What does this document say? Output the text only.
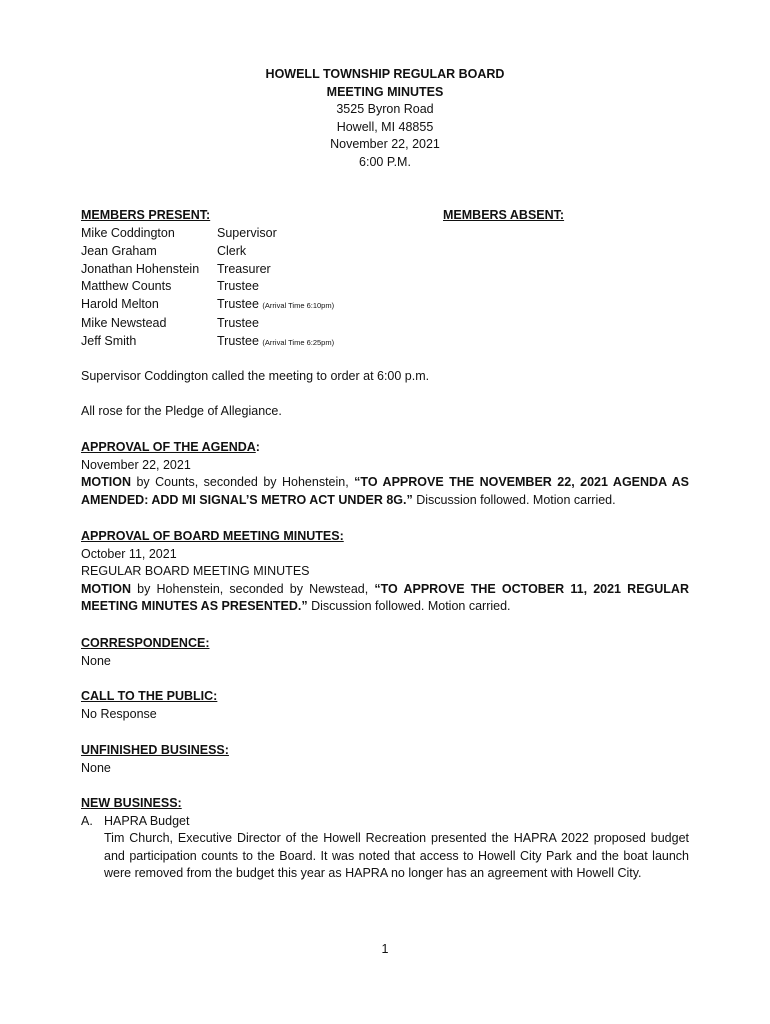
HOWELL TOWNSHIP REGULAR BOARD
MEETING MINUTES
3525 Byron Road
Howell, MI 48855
November 22, 2021
6:00 P.M.
MEMBERS PRESENT:	MEMBERS ABSENT:
Mike Coddington	Supervisor
Jean Graham	Clerk
Jonathan Hohenstein	Treasurer
Matthew Counts	Trustee
Harold Melton	Trustee (Arrival Time 6:10pm)
Mike Newstead	Trustee
Jeff Smith	Trustee (Arrival Time 6:25pm)
Supervisor Coddington called the meeting to order at 6:00 p.m.
All rose for the Pledge of Allegiance.
APPROVAL OF THE AGENDA:
November 22, 2021
MOTION by Counts, seconded by Hohenstein, “TO APPROVE THE NOVEMBER 22, 2021 AGENDA AS AMENDED: ADD MI SIGNAL’S METRO ACT UNDER 8G.” Discussion followed. Motion carried.
APPROVAL OF BOARD MEETING MINUTES:
October 11, 2021
REGULAR BOARD MEETING MINUTES
MOTION by Hohenstein, seconded by Newstead, “TO APPROVE THE OCTOBER 11, 2021 REGULAR MEETING MINUTES AS PRESENTED.” Discussion followed. Motion carried.
CORRESPONDENCE:
None
CALL TO THE PUBLIC:
No Response
UNFINISHED BUSINESS:
None
NEW BUSINESS:
A. HAPRA Budget
Tim Church, Executive Director of the Howell Recreation presented the HAPRA 2022 proposed budget and participation counts to the Board. It was noted that access to Howell City Park and the boat launch were removed from the budget this year as HAPRA no longer has an agreement with Howell City.
1
